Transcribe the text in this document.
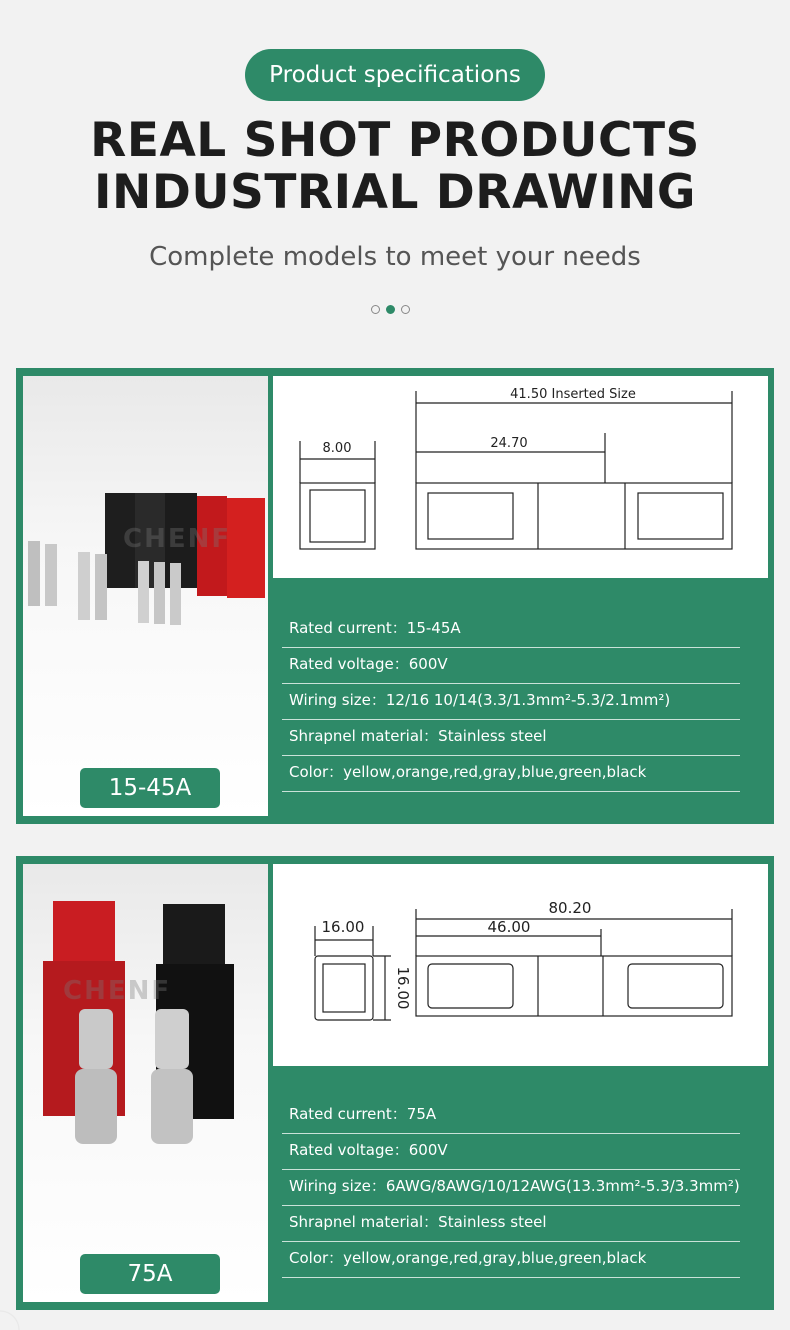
Product specifications
REAL SHOT PRODUCTS
INDUSTRIAL DRAWING
Complete models to meet your needs
CHENF
15-45A
8.00
41.50 Inserted Size
24.70
Rated current：15-45A
Rated voltage：600V
Wiring size：12/16 10/14(3.3/1.3mm²-5.3/2.1mm²)
Shrapnel material：Stainless steel
Color：yellow,orange,red,gray,blue,green,black
CHENF
75A
16.00
16.00
80.20
46.00
Rated current：75A
Rated voltage：600V
Wiring size：6AWG/8AWG/10/12AWG(13.3mm²-5.3/3.3mm²)
Shrapnel material：Stainless steel
Color：yellow,orange,red,gray,blue,green,black
